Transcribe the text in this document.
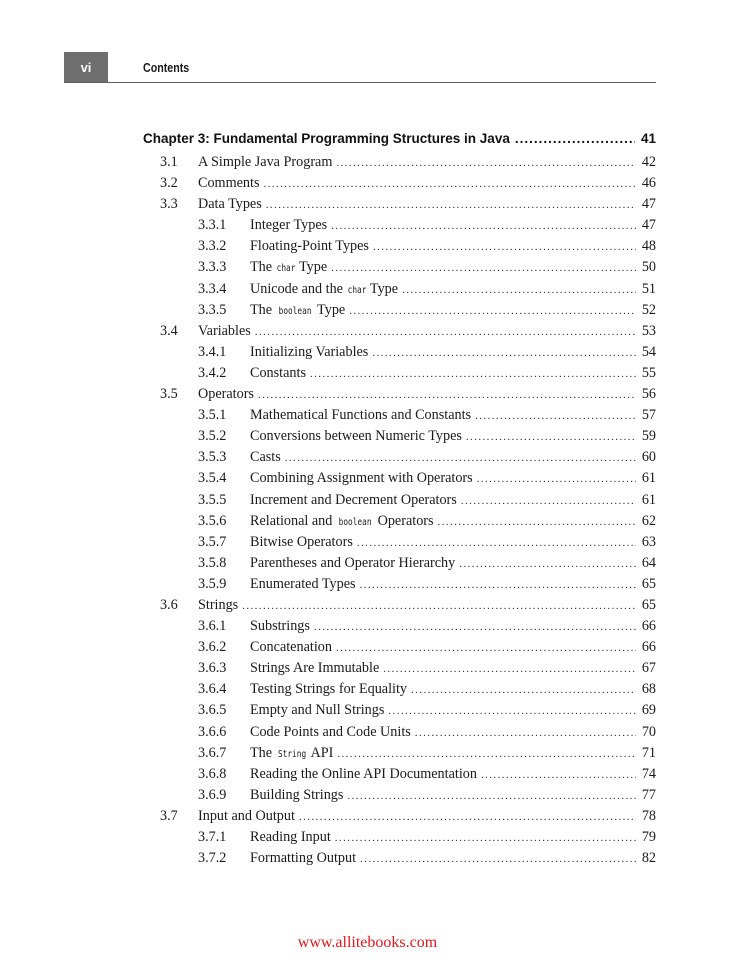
vi	Contents
Chapter 3: Fundamental Programming Structures in Java .....	41
3.1 A Simple Java Program .....	42
3.2 Comments .....	46
3.3 Data Types .....	47
3.3.1 Integer Types .....	47
3.3.2 Floating-Point Types .....	48
3.3.3 The char Type .....	50
3.3.4 Unicode and the char Type .....	51
3.3.5 The boolean Type .....	52
3.4 Variables .....	53
3.4.1 Initializing Variables .....	54
3.4.2 Constants .....	55
3.5 Operators .....	56
3.5.1 Mathematical Functions and Constants .....	57
3.5.2 Conversions between Numeric Types .....	59
3.5.3 Casts .....	60
3.5.4 Combining Assignment with Operators .....	61
3.5.5 Increment and Decrement Operators .....	61
3.5.6 Relational and boolean Operators .....	62
3.5.7 Bitwise Operators .....	63
3.5.8 Parentheses and Operator Hierarchy .....	64
3.5.9 Enumerated Types .....	65
3.6 Strings .....	65
3.6.1 Substrings .....	66
3.6.2 Concatenation .....	66
3.6.3 Strings Are Immutable .....	67
3.6.4 Testing Strings for Equality .....	68
3.6.5 Empty and Null Strings .....	69
3.6.6 Code Points and Code Units .....	70
3.6.7 The String API .....	71
3.6.8 Reading the Online API Documentation .....	74
3.6.9 Building Strings .....	77
3.7 Input and Output .....	78
3.7.1 Reading Input .....	79
3.7.2 Formatting Output .....	82
www.allitebooks.com
